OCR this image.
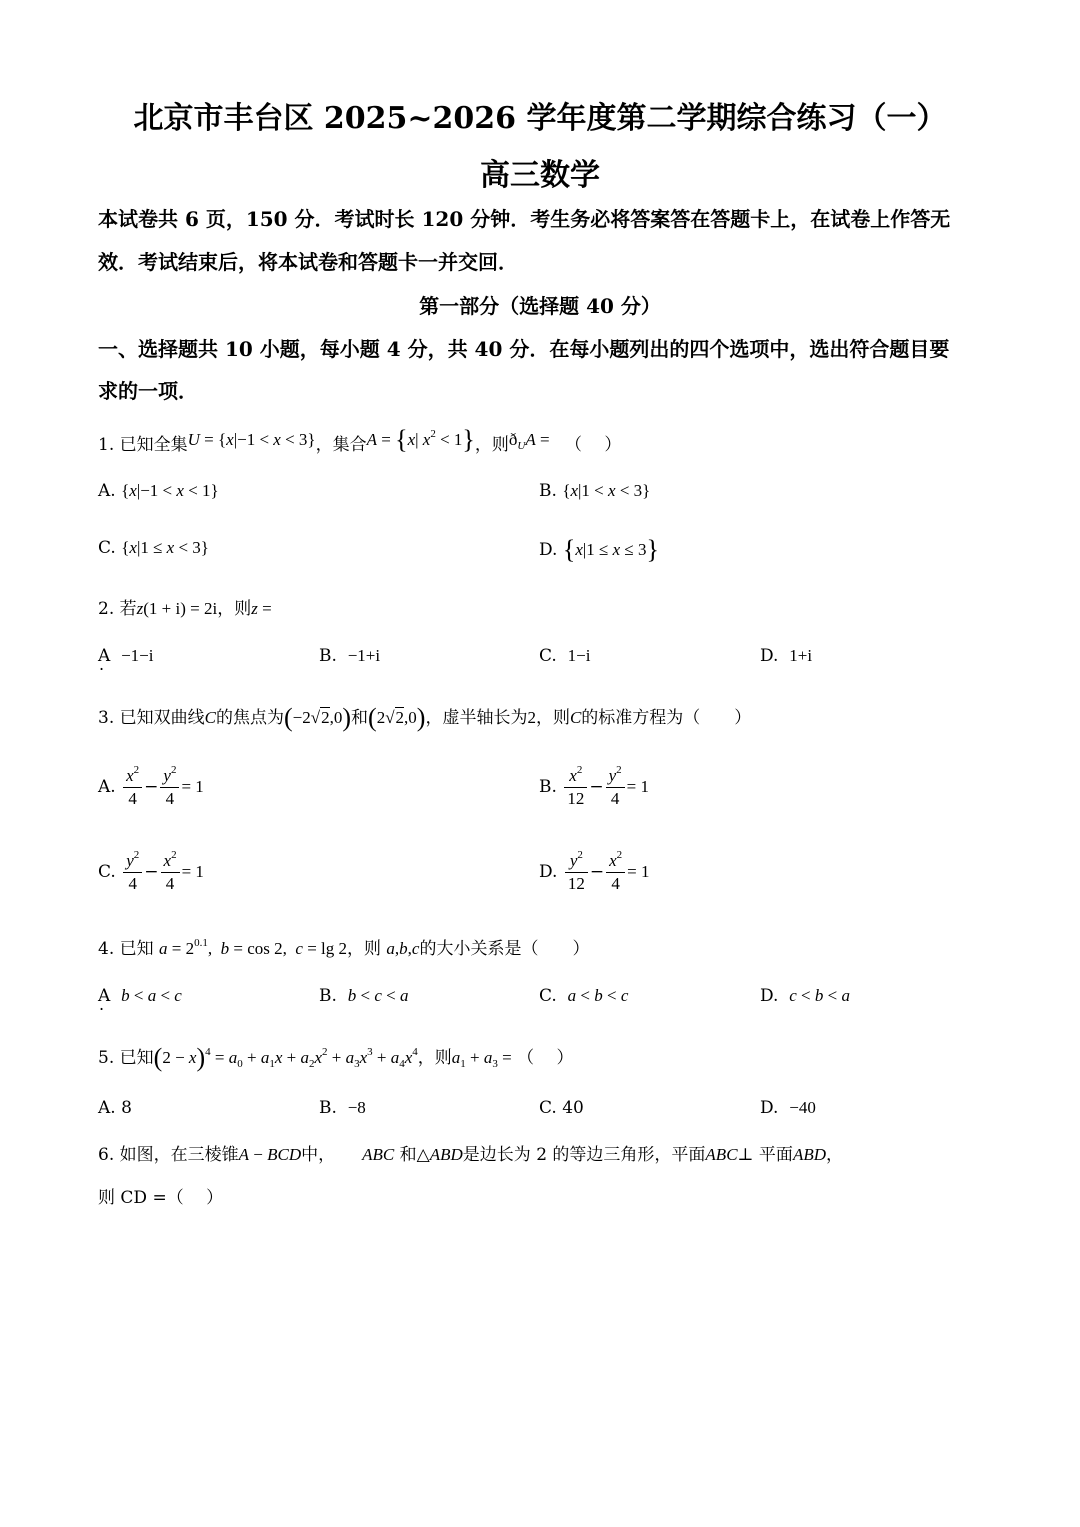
北京市丰台区 2025~2026 学年度第二学期综合练习（一）
高三数学
本试卷共 6 页，150 分．考试时长 120 分钟．考生务必将答案答在答题卡上，在试卷上作答无
效．考试结束后，将本试卷和答题卡一并交回．
第一部分（选择题 40 分）
一、选择题共 10 小题，每小题 4 分，共 40 分．在每小题列出的四个选项中，选出符合题目要
求的一项．
1. 已知全集U = {x|−1 < x < 3}，集合A = {x| $x^2 < 1$}，则$ð_UA$ = （　 ）
A. {x|−1 < x < 1}	B. {x|1 < x < 3}
C. {x|1 ≤ x < 3}	D. {x|1 ≤ x ≤ 3}
2. 若z(1 + i) = 2i，则z =
A . −1−i	B. −1+i	C. 1−i	D. 1+i
3. 已知双曲线C的焦点为(−2√2,0)和(2√2,0)，虚半轴长为2，则C的标准方程为（　　）
A. $\frac{x^2}{4} - \frac{y^2}{4} = 1$	B. $\frac{x^2}{12} - \frac{y^2}{4} = 1$
C. $\frac{y^2}{4} - \frac{x^2}{4} = 1$	D. $\frac{y^2}{12} - \frac{x^2}{4} = 1$
4. 已知 $a = 2^{0.1}$,  b = cos 2,  c = lg 2，则 a,b,c的大小关系是（　　）
A . b < a < c	B. b < c < a	C. a < b < c	D. c < b < a
5. 已知$(2 - x)^4 = a_0 + a_1x + a_2x^2 + a_3x^3 + a_4x^4$，则$a_1 + a_3$ = （　 ）
A. 8	B. −8	C. 40	D. −40
6. 如图，在三棱锥A − BCD中， ABC 和△ABD是边长为 2 的等边三角形，平面ABC⊥ 平面ABD，
则 CD =（　 ）
